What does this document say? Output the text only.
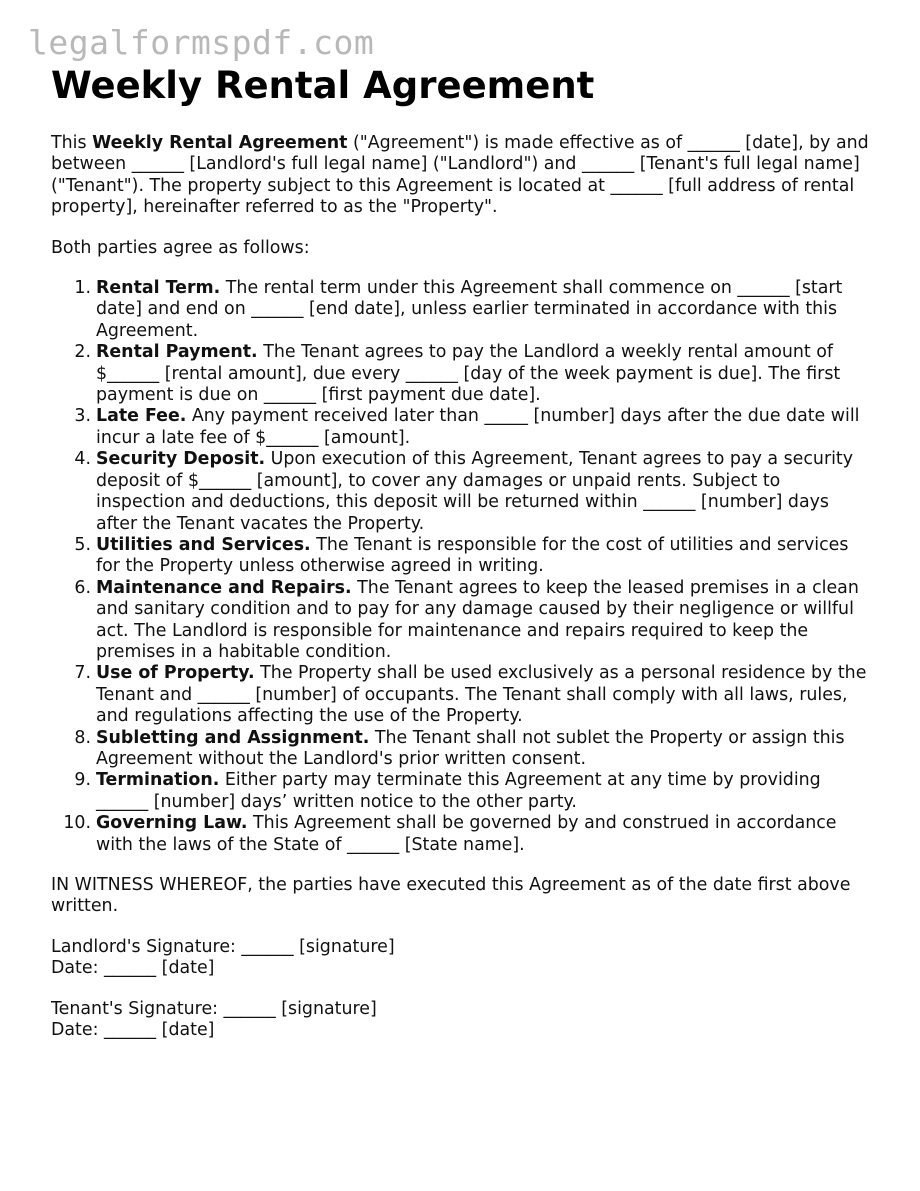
legalformspdf.com
Weekly Rental Agreement

This Weekly Rental Agreement ("Agreement") is made effective as of ______ [date], by and between ______ [Landlord's full legal name] ("Landlord") and ______ [Tenant's full legal name] ("Tenant"). The property subject to this Agreement is located at ______ [full address of rental property], hereinafter referred to as the "Property".

Both parties agree as follows:

Rental Term. The rental term under this Agreement shall commence on ______ [start date] and end on ______ [end date], unless earlier terminated in accordance with this Agreement.
Rental Payment. The Tenant agrees to pay the Landlord a weekly rental amount of $______ [rental amount], due every ______ [day of the week payment is due]. The first payment is due on ______ [first payment due date].
Late Fee. Any payment received later than _____ [number] days after the due date will incur a late fee of $______ [amount].
Security Deposit. Upon execution of this Agreement, Tenant agrees to pay a security deposit of $______ [amount], to cover any damages or unpaid rents. Subject to inspection and deductions, this deposit will be returned within ______ [number] days after the Tenant vacates the Property.
Utilities and Services. The Tenant is responsible for the cost of utilities and services for the Property unless otherwise agreed in writing.
Maintenance and Repairs. The Tenant agrees to keep the leased premises in a clean and sanitary condition and to pay for any damage caused by their negligence or willful act. The Landlord is responsible for maintenance and repairs required to keep the premises in a habitable condition.
Use of Property. The Property shall be used exclusively as a personal residence by the Tenant and ______ [number] of occupants. The Tenant shall comply with all laws, rules, and regulations affecting the use of the Property.
Subletting and Assignment. The Tenant shall not sublet the Property or assign this Agreement without the Landlord's prior written consent.
Termination. Either party may terminate this Agreement at any time by providing ______ [number] days’ written notice to the other party.
Governing Law. This Agreement shall be governed by and construed in accordance with the laws of the State of ______ [State name].

IN WITNESS WHEREOF, the parties have executed this Agreement as of the date first above written.

Landlord's Signature: ______ [signature]

Date: ______ [date]

Tenant's Signature: ______ [signature]

Date: ______ [date]
